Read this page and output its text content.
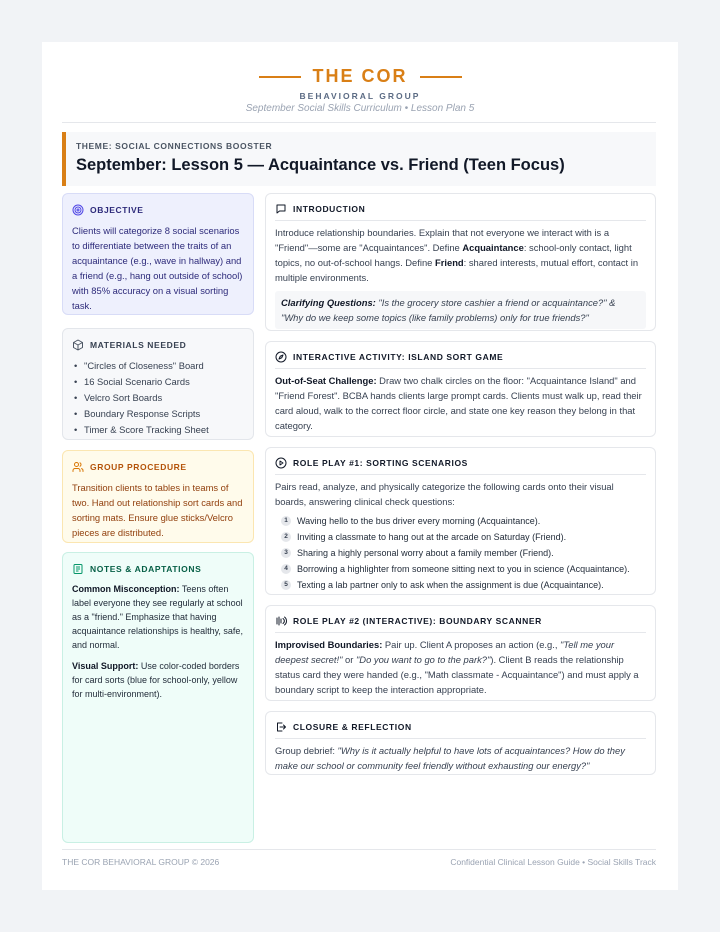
THE COR
BEHAVIORAL GROUP
September Social Skills Curriculum • Lesson Plan 5
THEME: SOCIAL CONNECTIONS BOOSTER
September: Lesson 5 — Acquaintance vs. Friend (Teen Focus)
OBJECTIVE
Clients will categorize 8 social scenarios to differentiate between the traits of an acquaintance (e.g., wave in hallway) and a friend (e.g., hang out outside of school) with 85% accuracy on a visual sorting task.
MATERIALS NEEDED
• "Circles of Closeness" Board
• 16 Social Scenario Cards
• Velcro Sort Boards
• Boundary Response Scripts
• Timer & Score Tracking Sheet
GROUP PROCEDURE
Transition clients to tables in teams of two. Hand out relationship sort cards and sorting mats. Ensure glue sticks/Velcro pieces are distributed.
NOTES & ADAPTATIONS

Common Misconception: Teens often label everyone they see regularly at school as a "friend." Emphasize that having acquaintance relationships is healthy, safe, and normal.

Visual Support: Use color-coded borders for card sorts (blue for school-only, yellow for multi-environment).

INTRODUCTION
Introduce relationship boundaries. Explain that not everyone we interact with is a "Friend"—some are "Acquaintances". Define Acquaintance: school-only contact, light topics, no out-of-school hangs. Define Friend: shared interests, mutual effort, contact in multiple environments.
Clarifying Questions: "Is the grocery store cashier a friend or acquaintance?" & "Why do we keep some topics (like family problems) only for true friends?"
INTERACTIVE ACTIVITY: ISLAND SORT GAME
Out-of-Seat Challenge: Draw two chalk circles on the floor: "Acquaintance Island" and "Friend Forest". BCBA hands clients large prompt cards. Clients must walk up, read their card aloud, walk to the correct floor circle, and state one key reason they belong in that category.
ROLE PLAY #1: SORTING SCENARIOS
Pairs read, analyze, and physically categorize the following cards onto their visual boards, answering clinical check questions:
1	Waving hello to the bus driver every morning (Acquaintance).
2	Inviting a classmate to hang out at the arcade on Saturday (Friend).
3	Sharing a highly personal worry about a family member (Friend).
4	Borrowing a highlighter from someone sitting next to you in science (Acquaintance).
5	Texting a lab partner only to ask when the assignment is due (Acquaintance).
ROLE PLAY #2 (INTERACTIVE): BOUNDARY SCANNER
Improvised Boundaries: Pair up. Client A proposes an action (e.g., "Tell me your deepest secret!" or "Do you want to go to the park?"). Client B reads the relationship status card they were handed (e.g., "Math classmate - Acquaintance") and must apply a boundary script to keep the interaction appropriate.
CLOSURE & REFLECTION
Group debrief: "Why is it actually helpful to have lots of acquaintances? How do they make our school or community feel friendly without exhausting our energy?"
THE COR BEHAVIORAL GROUP © 2026	Confidential Clinical Lesson Guide • Social Skills Track
